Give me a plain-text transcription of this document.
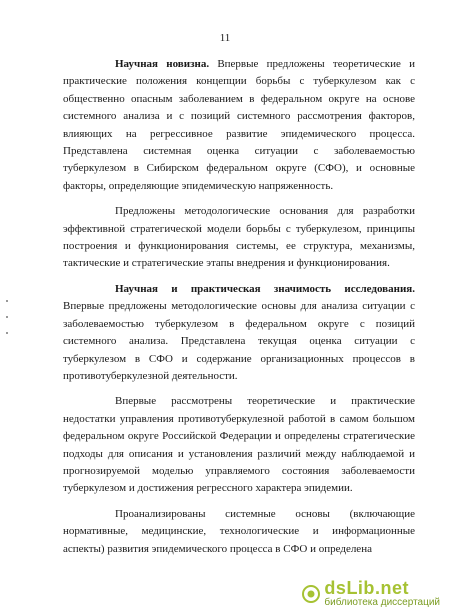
11

Научная новизна. Впервые предложены теоретические и практические положения концепции борьбы с туберкулезом как с общественно опасным заболеванием в федеральном округе на основе системного анализа и с позиций системного рассмотрения факторов, влияющих на регрессивное развитие эпидемического процесса. Представлена системная оценка ситуации с заболеваемостью туберкулезом в Сибирском федеральном округе (СФО), и основные факторы, определяющие эпидемическую напряженность.

Предложены методологические основания для разработки эффективной стратегической модели борьбы с туберкулезом, принципы построения и функционирования системы, ее структура, механизмы, тактические и стратегические этапы внедрения и функционирования.

Научная и практическая значимость исследования. Впервые предложены методологические основы для анализа ситуации с заболеваемостью туберкулезом в федеральном округе с позиций системного анализа. Представлена текущая оценка ситуации с туберкулезом в СФО и содержание организационных процессов в противотуберкулезной деятельности.

Впервые рассмотрены теоретические и практические недостатки управления противотуберкулезной работой в самом большом федеральном округе Российской Федерации и определены стратегические подходы для описания и установления различий между наблюдаемой и прогнозируемой моделью управляемого состояния заболеваемости туберкулезом и достижения регрессного характера эпидемии.

Проанализированы системные основы (включающие нормативные, медицинские, технологические и информационные аспекты) развития эпидемического процесса в СФО и определена

dsLib.net
библиотека диссертаций
